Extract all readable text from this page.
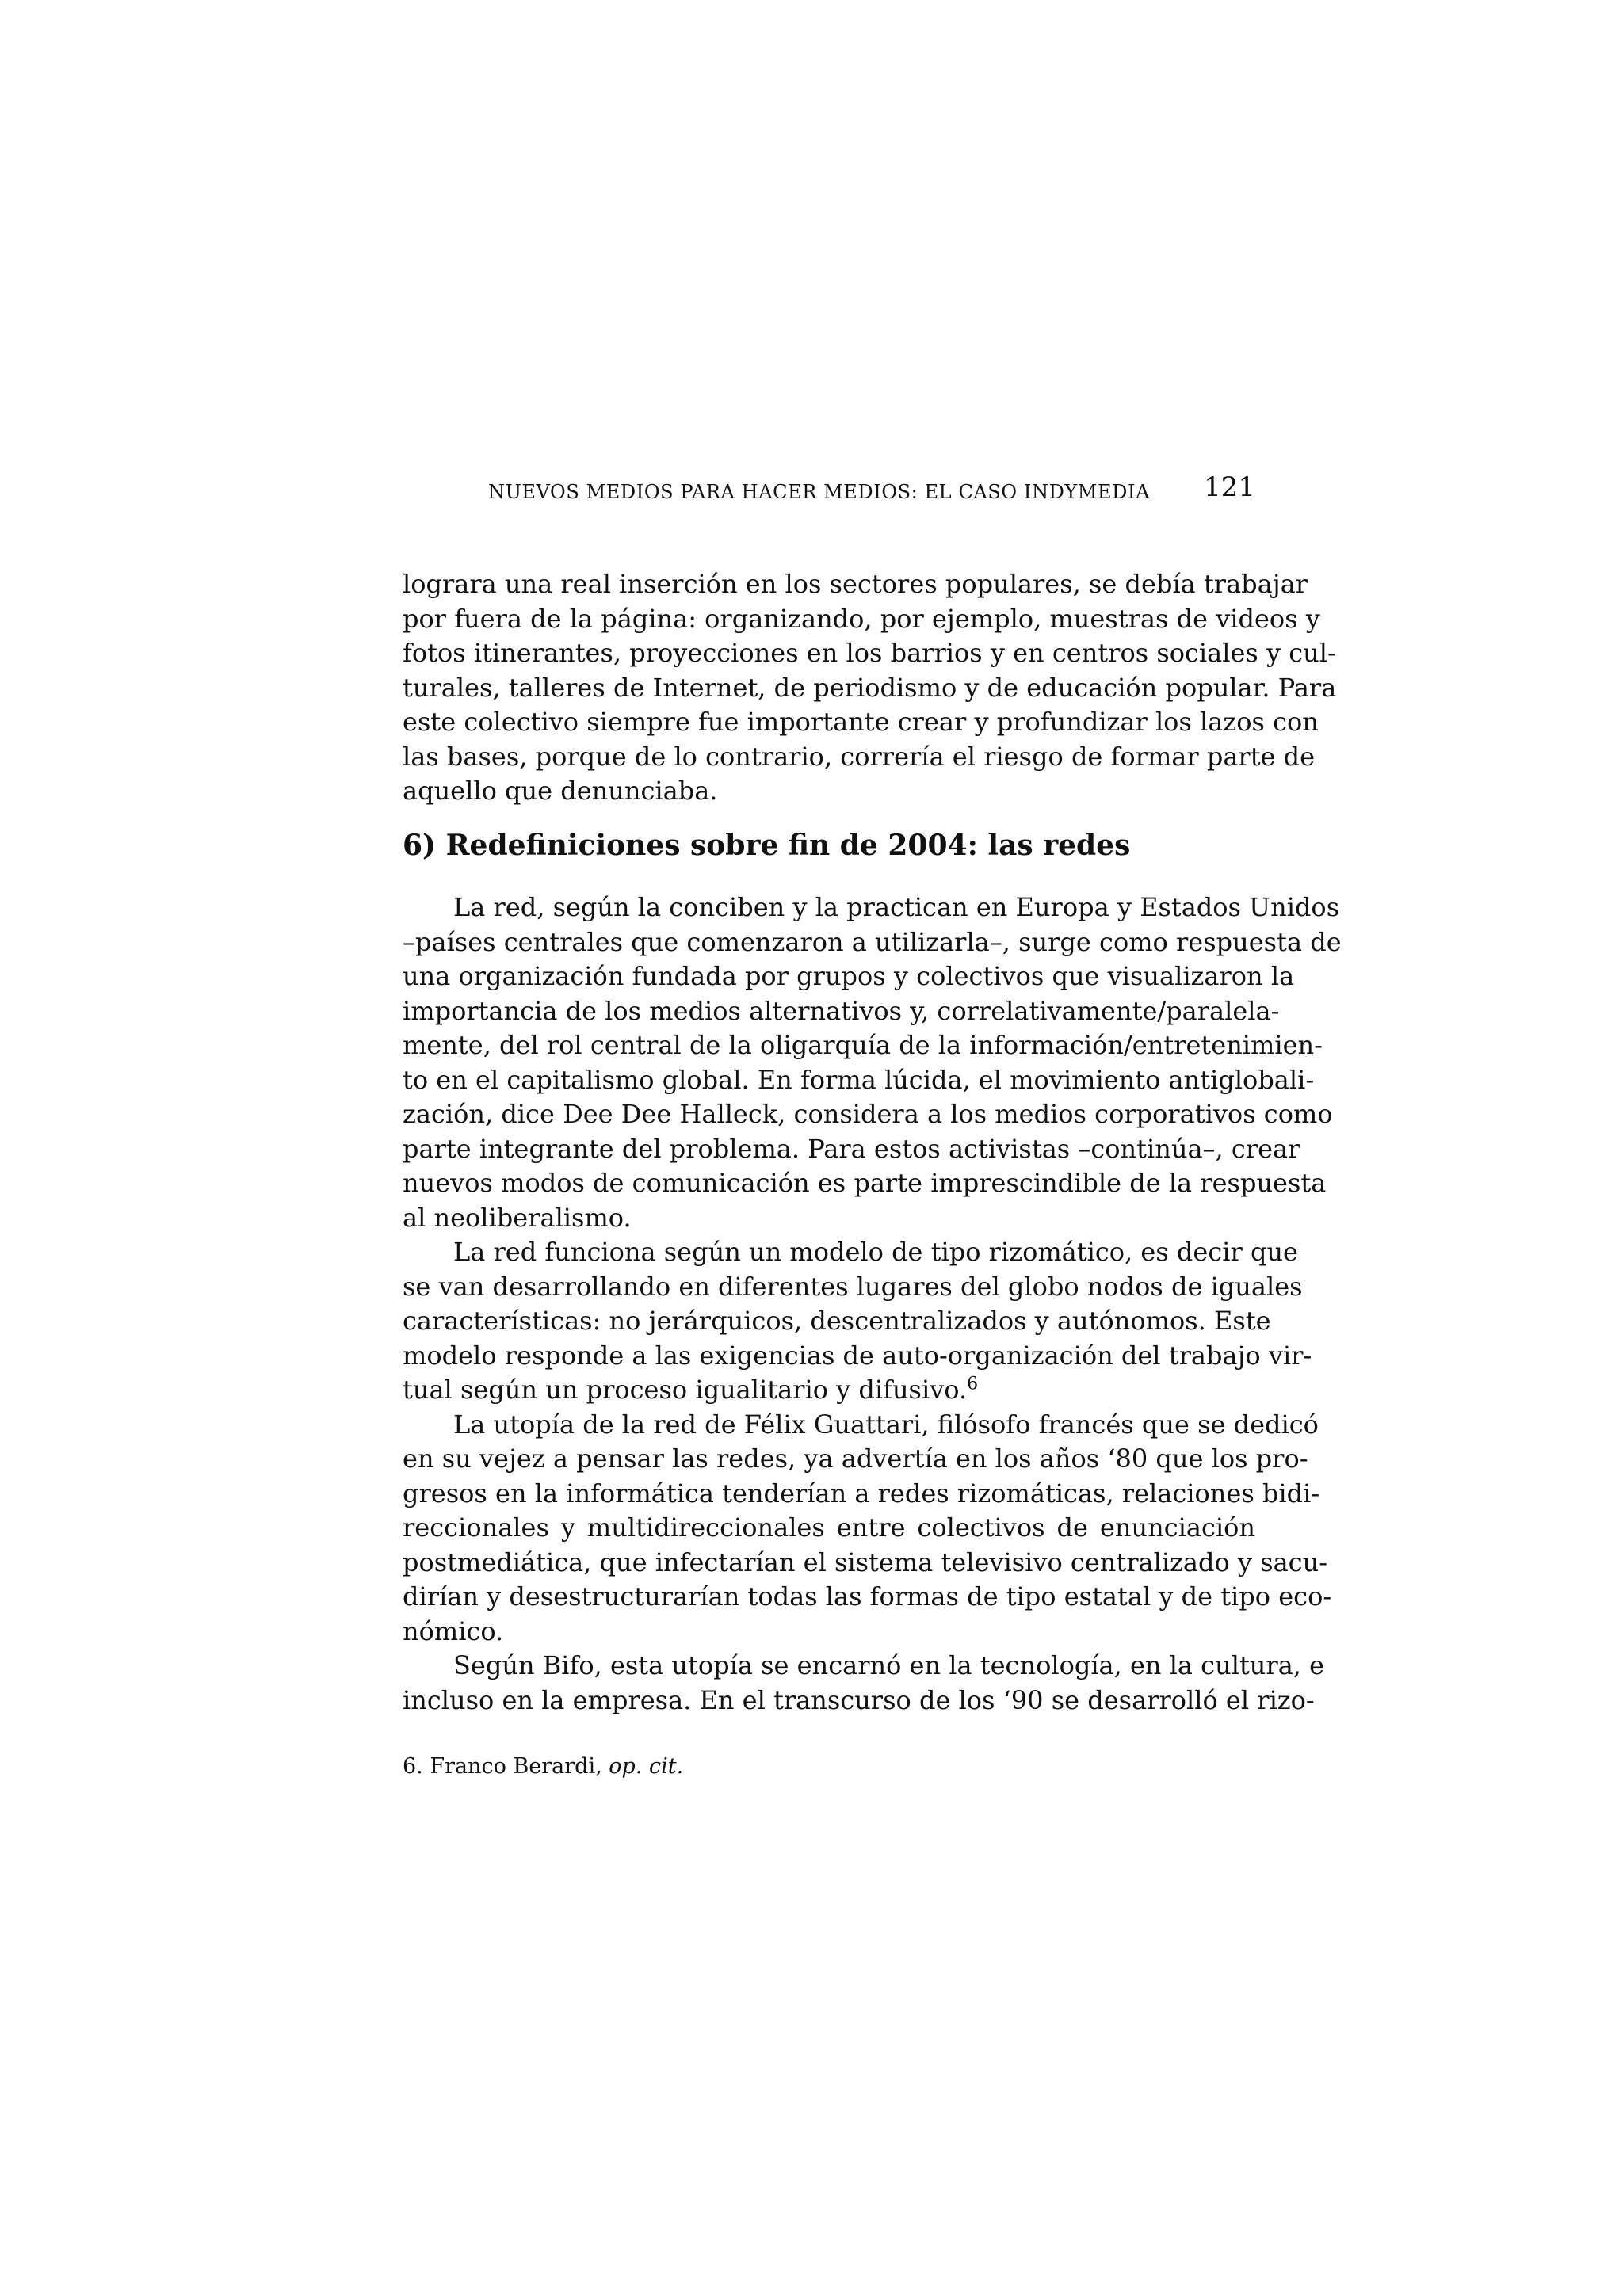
NUEVOS MEDIOS PARA HACER MEDIOS: EL CASO INDYMEDIA 121
lograra una real inserción en los sectores populares, se debía trabajar
por fuera de la página: organizando, por ejemplo, muestras de videos y
fotos itinerantes, proyecciones en los barrios y en centros sociales y cul-
turales, talleres de Internet, de periodismo y de educación popular. Para
este colectivo siempre fue importante crear y profundizar los lazos con
las bases, porque de lo contrario, correría el riesgo de formar parte de
aquello que denunciaba.
6) Redefiniciones sobre fin de 2004: las redes
La red, según la conciben y la practican en Europa y Estados Unidos
–países centrales que comenzaron a utilizarla–, surge como respuesta de
una organización fundada por grupos y colectivos que visualizaron la
importancia de los medios alternativos y, correlativamente/paralela-
mente, del rol central de la oligarquía de la información/entretenimien-
to en el capitalismo global. En forma lúcida, el movimiento antiglobali-
zación, dice Dee Dee Halleck, considera a los medios corporativos como
parte integrante del problema. Para estos activistas –continúa–, crear
nuevos modos de comunicación es parte imprescindible de la respuesta
al neoliberalismo.
La red funciona según un modelo de tipo rizomático, es decir que
se van desarrollando en diferentes lugares del globo nodos de iguales
características: no jerárquicos, descentralizados y autónomos. Este
modelo responde a las exigencias de auto-organización del trabajo vir-
tual según un proceso igualitario y difusivo.$^6$
La utopía de la red de Félix Guattari, filósofo francés que se dedicó
en su vejez a pensar las redes, ya advertía en los años ‘80 que los pro-
gresos en la informática tenderían a redes rizomáticas, relaciones bidi-
reccionales y multidireccionales entre colectivos de enunciación
postmediática, que infectarían el sistema televisivo centralizado y sacu-
dirían y desestructurarían todas las formas de tipo estatal y de tipo eco-
nómico.
Según Bifo, esta utopía se encarnó en la tecnología, en la cultura, e
incluso en la empresa. En el transcurso de los ‘90 se desarrolló el rizo-
6. Franco Berardi, op. cit.
